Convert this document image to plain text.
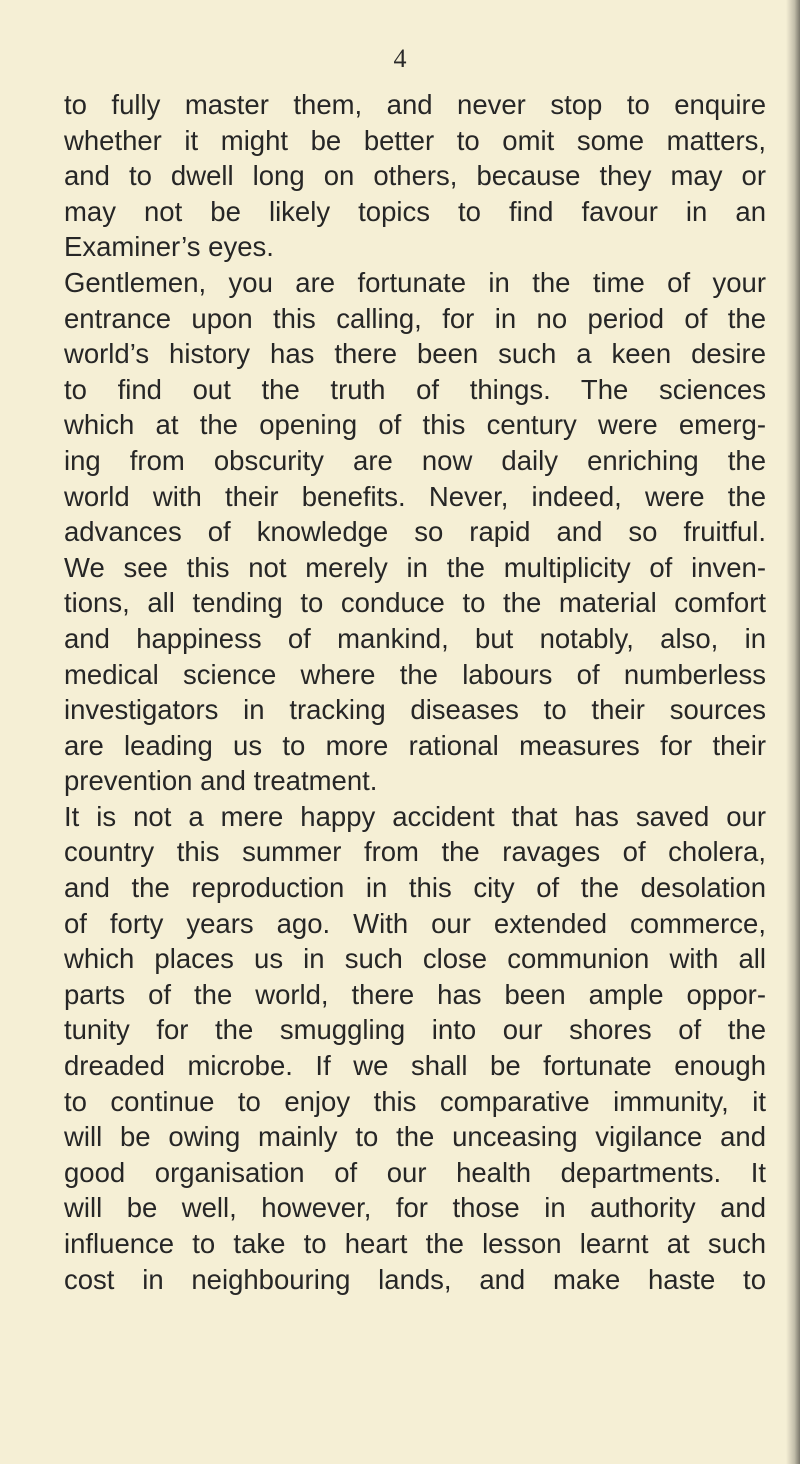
4
to fully master them, and never stop to enquire
whether it might be better to omit some matters,
and to dwell long on others, because they may or
may not be likely topics to find favour in an
Examiner’s eyes.
Gentlemen, you are fortunate in the time of your
entrance upon this calling, for in no period of the
world’s history has there been such a keen desire
to find out the truth of things. The sciences
which at the opening of this century were emerg-
ing from obscurity are now daily enriching the
world with their benefits. Never, indeed, were the
advances of knowledge so rapid and so fruitful.
We see this not merely in the multiplicity of inven-
tions, all tending to conduce to the material comfort
and happiness of mankind, but notably, also, in
medical science where the labours of numberless
investigators in tracking diseases to their sources
are leading us to more rational measures for their
prevention and treatment.
It is not a mere happy accident that has saved our
country this summer from the ravages of cholera,
and the reproduction in this city of the desolation
of forty years ago. With our extended commerce,
which places us in such close communion with all
parts of the world, there has been ample oppor-
tunity for the smuggling into our shores of the
dreaded microbe. If we shall be fortunate enough
to continue to enjoy this comparative immunity, it
will be owing mainly to the unceasing vigilance and
good organisation of our health departments. It
will be well, however, for those in authority and
influence to take to heart the lesson learnt at such
cost in neighbouring lands, and make haste to
